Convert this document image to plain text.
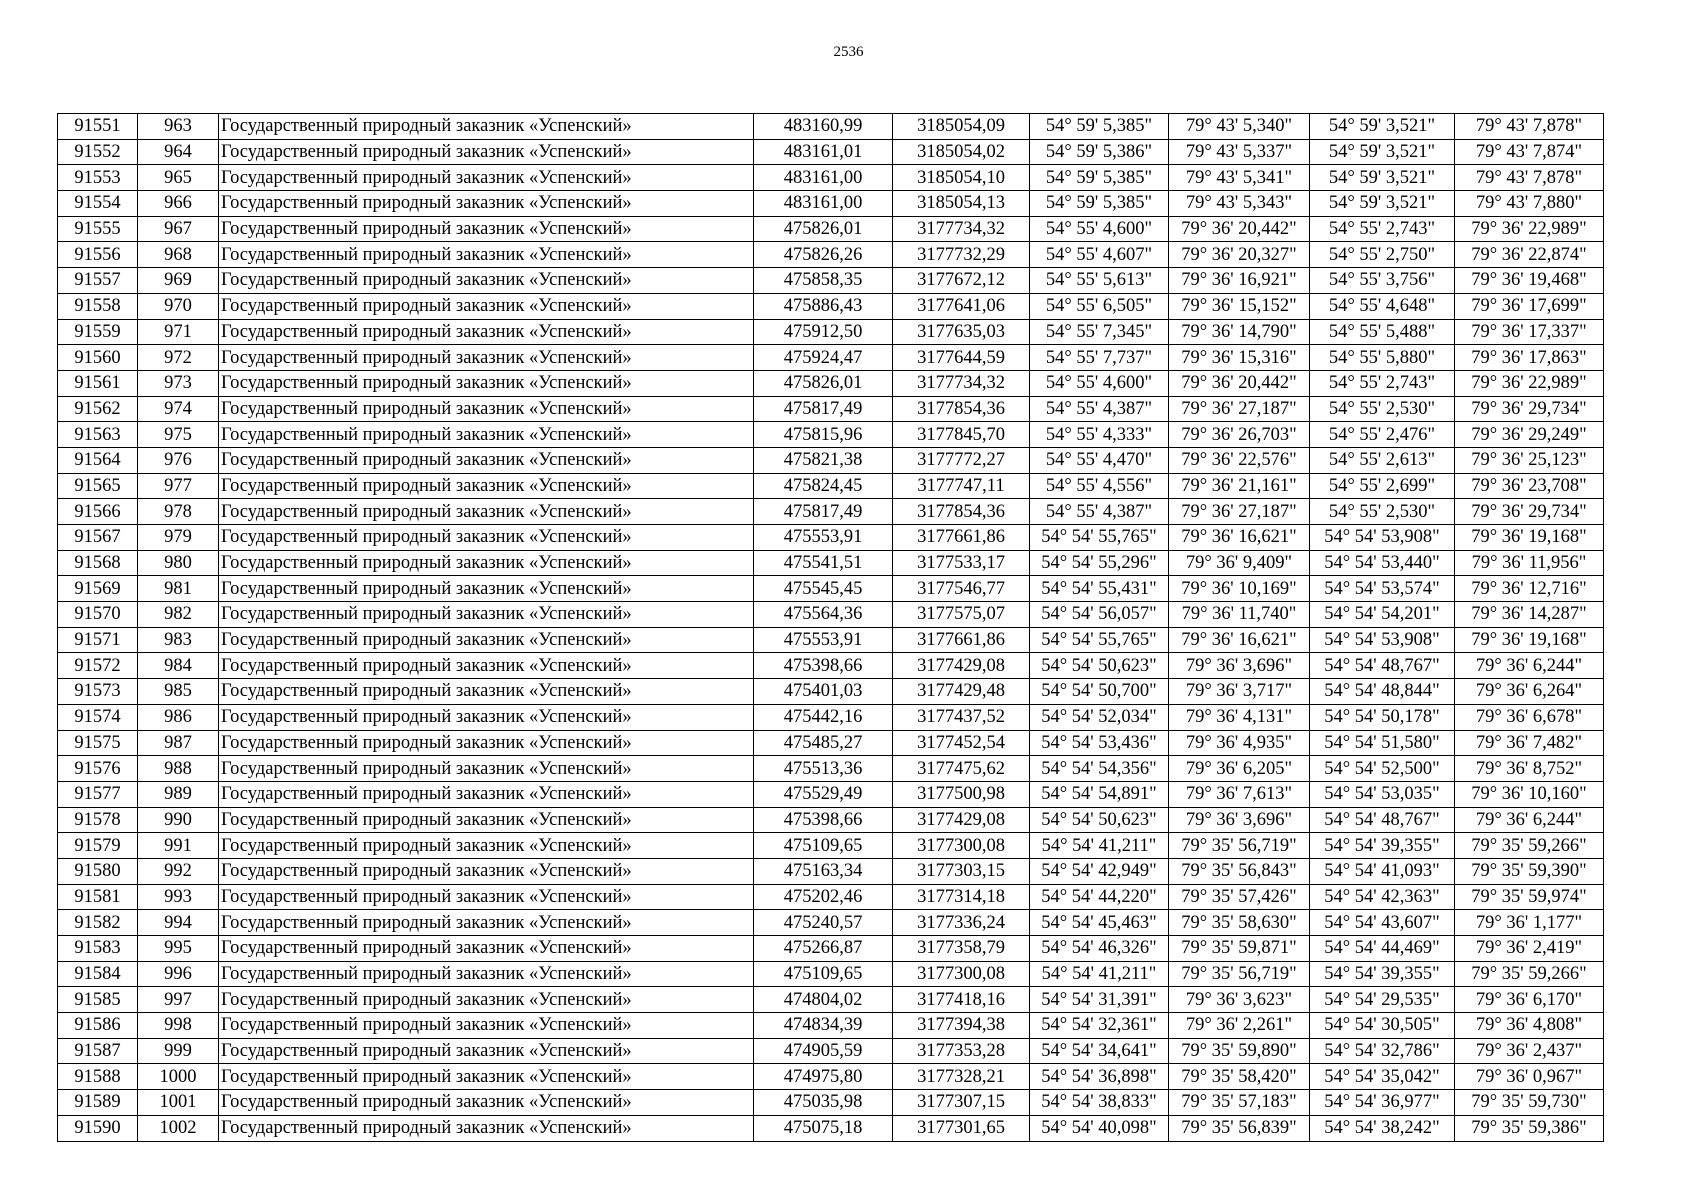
2536
91551	963	Государственный природный заказник «Успенский»	483160,99	3185054,09	54° 59' 5,385"	79° 43' 5,340"	54° 59' 3,521"	79° 43' 7,878"
91552	964	Государственный природный заказник «Успенский»	483161,01	3185054,02	54° 59' 5,386"	79° 43' 5,337"	54° 59' 3,521"	79° 43' 7,874"
91553	965	Государственный природный заказник «Успенский»	483161,00	3185054,10	54° 59' 5,385"	79° 43' 5,341"	54° 59' 3,521"	79° 43' 7,878"
91554	966	Государственный природный заказник «Успенский»	483161,00	3185054,13	54° 59' 5,385"	79° 43' 5,343"	54° 59' 3,521"	79° 43' 7,880"
91555	967	Государственный природный заказник «Успенский»	475826,01	3177734,32	54° 55' 4,600"	79° 36' 20,442"	54° 55' 2,743"	79° 36' 22,989"
91556	968	Государственный природный заказник «Успенский»	475826,26	3177732,29	54° 55' 4,607"	79° 36' 20,327"	54° 55' 2,750"	79° 36' 22,874"
91557	969	Государственный природный заказник «Успенский»	475858,35	3177672,12	54° 55' 5,613"	79° 36' 16,921"	54° 55' 3,756"	79° 36' 19,468"
91558	970	Государственный природный заказник «Успенский»	475886,43	3177641,06	54° 55' 6,505"	79° 36' 15,152"	54° 55' 4,648"	79° 36' 17,699"
91559	971	Государственный природный заказник «Успенский»	475912,50	3177635,03	54° 55' 7,345"	79° 36' 14,790"	54° 55' 5,488"	79° 36' 17,337"
91560	972	Государственный природный заказник «Успенский»	475924,47	3177644,59	54° 55' 7,737"	79° 36' 15,316"	54° 55' 5,880"	79° 36' 17,863"
91561	973	Государственный природный заказник «Успенский»	475826,01	3177734,32	54° 55' 4,600"	79° 36' 20,442"	54° 55' 2,743"	79° 36' 22,989"
91562	974	Государственный природный заказник «Успенский»	475817,49	3177854,36	54° 55' 4,387"	79° 36' 27,187"	54° 55' 2,530"	79° 36' 29,734"
91563	975	Государственный природный заказник «Успенский»	475815,96	3177845,70	54° 55' 4,333"	79° 36' 26,703"	54° 55' 2,476"	79° 36' 29,249"
91564	976	Государственный природный заказник «Успенский»	475821,38	3177772,27	54° 55' 4,470"	79° 36' 22,576"	54° 55' 2,613"	79° 36' 25,123"
91565	977	Государственный природный заказник «Успенский»	475824,45	3177747,11	54° 55' 4,556"	79° 36' 21,161"	54° 55' 2,699"	79° 36' 23,708"
91566	978	Государственный природный заказник «Успенский»	475817,49	3177854,36	54° 55' 4,387"	79° 36' 27,187"	54° 55' 2,530"	79° 36' 29,734"
91567	979	Государственный природный заказник «Успенский»	475553,91	3177661,86	54° 54' 55,765"	79° 36' 16,621"	54° 54' 53,908"	79° 36' 19,168"
91568	980	Государственный природный заказник «Успенский»	475541,51	3177533,17	54° 54' 55,296"	79° 36' 9,409"	54° 54' 53,440"	79° 36' 11,956"
91569	981	Государственный природный заказник «Успенский»	475545,45	3177546,77	54° 54' 55,431"	79° 36' 10,169"	54° 54' 53,574"	79° 36' 12,716"
91570	982	Государственный природный заказник «Успенский»	475564,36	3177575,07	54° 54' 56,057"	79° 36' 11,740"	54° 54' 54,201"	79° 36' 14,287"
91571	983	Государственный природный заказник «Успенский»	475553,91	3177661,86	54° 54' 55,765"	79° 36' 16,621"	54° 54' 53,908"	79° 36' 19,168"
91572	984	Государственный природный заказник «Успенский»	475398,66	3177429,08	54° 54' 50,623"	79° 36' 3,696"	54° 54' 48,767"	79° 36' 6,244"
91573	985	Государственный природный заказник «Успенский»	475401,03	3177429,48	54° 54' 50,700"	79° 36' 3,717"	54° 54' 48,844"	79° 36' 6,264"
91574	986	Государственный природный заказник «Успенский»	475442,16	3177437,52	54° 54' 52,034"	79° 36' 4,131"	54° 54' 50,178"	79° 36' 6,678"
91575	987	Государственный природный заказник «Успенский»	475485,27	3177452,54	54° 54' 53,436"	79° 36' 4,935"	54° 54' 51,580"	79° 36' 7,482"
91576	988	Государственный природный заказник «Успенский»	475513,36	3177475,62	54° 54' 54,356"	79° 36' 6,205"	54° 54' 52,500"	79° 36' 8,752"
91577	989	Государственный природный заказник «Успенский»	475529,49	3177500,98	54° 54' 54,891"	79° 36' 7,613"	54° 54' 53,035"	79° 36' 10,160"
91578	990	Государственный природный заказник «Успенский»	475398,66	3177429,08	54° 54' 50,623"	79° 36' 3,696"	54° 54' 48,767"	79° 36' 6,244"
91579	991	Государственный природный заказник «Успенский»	475109,65	3177300,08	54° 54' 41,211"	79° 35' 56,719"	54° 54' 39,355"	79° 35' 59,266"
91580	992	Государственный природный заказник «Успенский»	475163,34	3177303,15	54° 54' 42,949"	79° 35' 56,843"	54° 54' 41,093"	79° 35' 59,390"
91581	993	Государственный природный заказник «Успенский»	475202,46	3177314,18	54° 54' 44,220"	79° 35' 57,426"	54° 54' 42,363"	79° 35' 59,974"
91582	994	Государственный природный заказник «Успенский»	475240,57	3177336,24	54° 54' 45,463"	79° 35' 58,630"	54° 54' 43,607"	79° 36' 1,177"
91583	995	Государственный природный заказник «Успенский»	475266,87	3177358,79	54° 54' 46,326"	79° 35' 59,871"	54° 54' 44,469"	79° 36' 2,419"
91584	996	Государственный природный заказник «Успенский»	475109,65	3177300,08	54° 54' 41,211"	79° 35' 56,719"	54° 54' 39,355"	79° 35' 59,266"
91585	997	Государственный природный заказник «Успенский»	474804,02	3177418,16	54° 54' 31,391"	79° 36' 3,623"	54° 54' 29,535"	79° 36' 6,170"
91586	998	Государственный природный заказник «Успенский»	474834,39	3177394,38	54° 54' 32,361"	79° 36' 2,261"	54° 54' 30,505"	79° 36' 4,808"
91587	999	Государственный природный заказник «Успенский»	474905,59	3177353,28	54° 54' 34,641"	79° 35' 59,890"	54° 54' 32,786"	79° 36' 2,437"
91588	1000	Государственный природный заказник «Успенский»	474975,80	3177328,21	54° 54' 36,898"	79° 35' 58,420"	54° 54' 35,042"	79° 36' 0,967"
91589	1001	Государственный природный заказник «Успенский»	475035,98	3177307,15	54° 54' 38,833"	79° 35' 57,183"	54° 54' 36,977"	79° 35' 59,730"
91590	1002	Государственный природный заказник «Успенский»	475075,18	3177301,65	54° 54' 40,098"	79° 35' 56,839"	54° 54' 38,242"	79° 35' 59,386"
